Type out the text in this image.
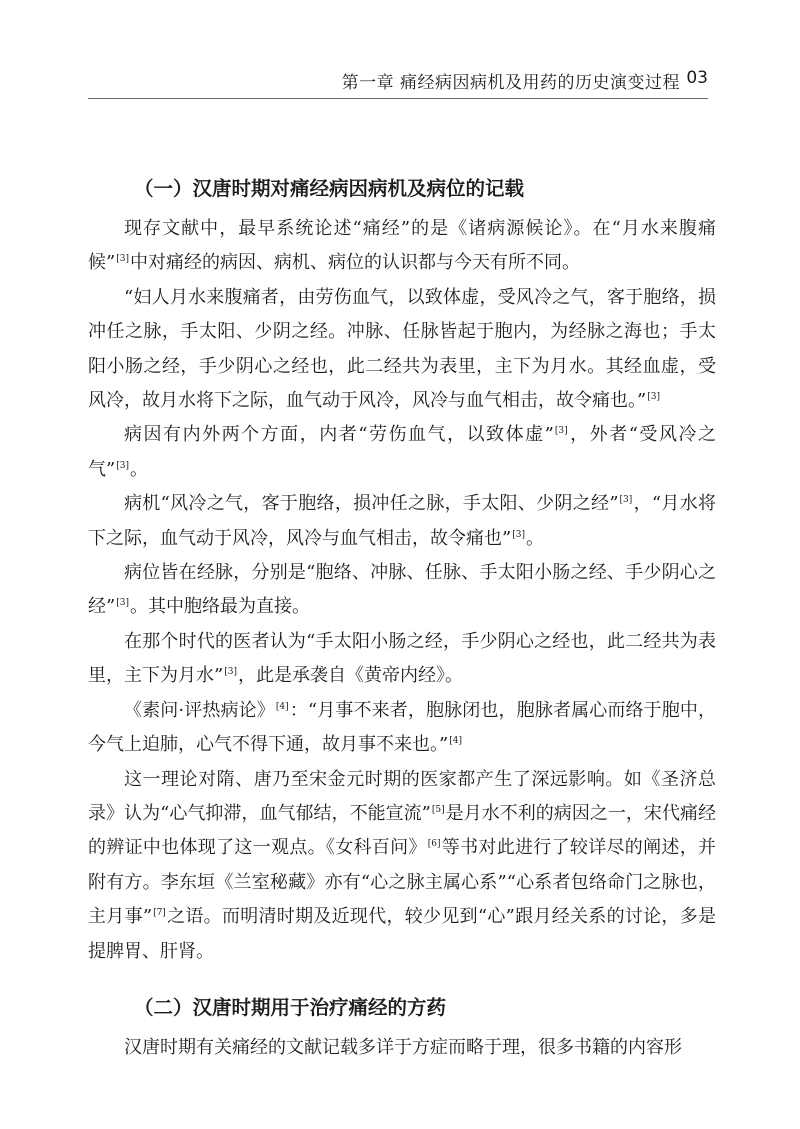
第一章 痛经病因病机及用药的历史演变过程 03
（一）汉唐时期对痛经病因病机及病位的记载

现存文献中，最早系统论述“痛经”的是《诸病源候论》。在“月水来腹痛候”[3]中对痛经的病因、病机、病位的认识都与今天有所不同。

“妇人月水来腹痛者，由劳伤血气，以致体虚，受风冷之气，客于胞络，损冲任之脉，手太阳、少阴之经。冲脉、任脉皆起于胞内，为经脉之海也；手太阳小肠之经，手少阴心之经也，此二经共为表里，主下为月水。其经血虚，受风冷，故月水将下之际，血气动于风冷，风冷与血气相击，故令痛也。”[3]

病因有内外两个方面，内者“劳伤血气，以致体虚”[3]，外者“受风冷之气”[3]。

病机“风冷之气，客于胞络，损冲任之脉，手太阳、少阴之经”[3]，“月水将下之际，血气动于风冷，风冷与血气相击，故令痛也”[3]。

病位皆在经脉，分别是“胞络、冲脉、任脉、手太阳小肠之经、手少阴心之经”[3]。其中胞络最为直接。

在那个时代的医者认为“手太阳小肠之经，手少阴心之经也，此二经共为表里，主下为月水”[3]，此是承袭自《黄帝内经》。

《素问·评热病论》[4]：“月事不来者，胞脉闭也，胞脉者属心而络于胞中，今气上迫肺，心气不得下通，故月事不来也。”[4]

这一理论对隋、唐乃至宋金元时期的医家都产生了深远影响。如《圣济总录》认为“心气抑滞，血气郁结，不能宣流”[5]是月水不利的病因之一，宋代痛经的辨证中也体现了这一观点。《女科百问》[6]等书对此进行了较详尽的阐述，并附有方。李东垣《兰室秘藏》亦有“心之脉主属心系”“心系者包络命门之脉也，主月事”[7]之语。而明清时期及近现代，较少见到“心”跟月经关系的讨论，多是提脾胃、肝肾。

（二）汉唐时期用于治疗痛经的方药

汉唐时期有关痛经的文献记载多详于方症而略于理，很多书籍的内容形
